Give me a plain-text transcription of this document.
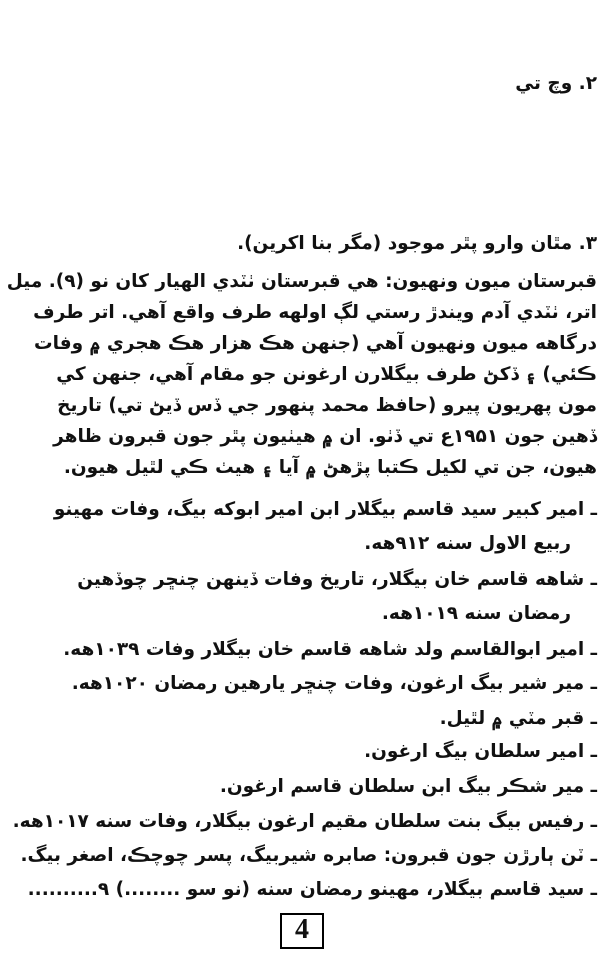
۲. وچ تي
۳. مٿان وارو پٿر موجود (مگر بنا اکرين).
قبرستان ميون ونهيون: هي قبرستان ٺٽدي الهيار کان نو (۹). ميل
اتر، ٺٽدي آدم ويندڙ رستي لڳ اولهه طرف واقع آهي. اتر طرف
درگاهه ميون ونهيون آهي (جنهن هڪ هزار هڪ هجري ۾ وفات
ڪئي) ۽ ڏکڻ طرف بيگلارن ارغونن جو مقام آهي، جنهن کي
مون پهريون پيرو (حافظ محمد پنهور جي ڏس ڏيڻ تي) تاريخ
ڏهين جون ۱۹۵۱ع تي ڏٺو. ان ۾ هيٺيون پٿر جون قبرون ظاهر
هيون، جن تي لکيل ڪتبا پڙهڻ ۾ آيا ۽ هيٺ ڪي لٿيل هيون.
ـ امير کبير سيد قاسم بيگلار ابن امير ابوکه بيگ، وفات مهينو
ربيع الاول سنه ۹۱۲هه.
ـ شاهه قاسم خان بيگلار، تاريخ وفات ڏينهن چنڇر چوڏهين
رمضان سنه ۱۰۱۹هه.
ـ امير ابوالقاسم ولد شاهه قاسم خان بيگلار وفات ۱۰۳۹هه.
ـ مير شير بيگ ارغون، وفات چنڇر يارهين رمضان ۱۰۲۰هه.
ـ قبر مٽي ۾ لٿيل.
ـ امير سلطان بيگ ارغون.
ـ مير شڪر بيگ ابن سلطان قاسم ارغون.
ـ رفيس بيگ بنت سلطان مقيم ارغون بيگلار، وفات سنه ۱۰۱۷هه.
ـ ٽن ٻارڙن جون قبرون: صابره شيربيگ، پسر چوچڪ، اصغر بيگ.
ـ سيد قاسم بيگلار، مهينو رمضان سنه (نو سو ........) ۹..........
4
